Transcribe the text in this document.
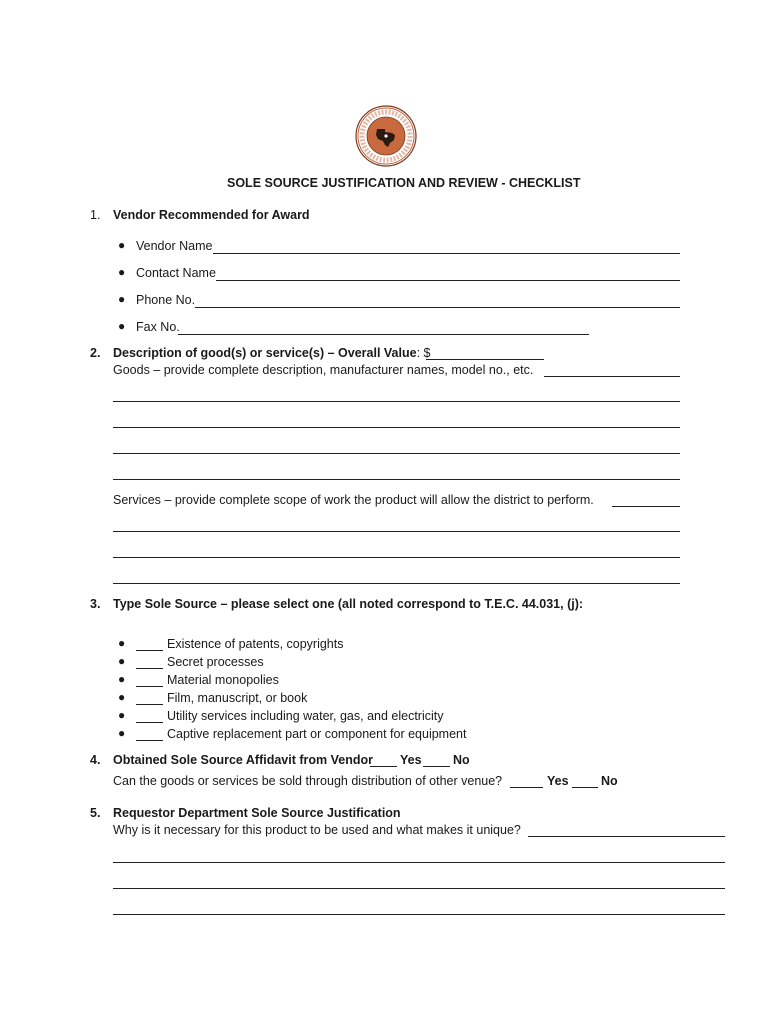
SOLE SOURCE JUSTIFICATION AND REVIEW - CHECKLIST
1. Vendor Recommended for Award
● Vendor Name
● Contact Name
● Phone No.
● Fax No.
2. Description of good(s) or service(s) – Overall Value: $
Goods – provide complete description, manufacturer names, model no., etc.
Services – provide complete scope of work the product will allow the district to perform.
3. Type Sole Source – please select one (all noted correspond to T.E.C. 44.031, (j):
●	Existence of patents, copyrights
●	Secret processes
●	Material monopolies
●	Film, manuscript, or book
●	Utility services including water, gas, and electricity
●	Captive replacement part or component for equipment
4. Obtained Sole Source Affidavit from Vendor Yes	No
Can the goods or services be sold through distribution of other venue?	Yes	No
5. Requestor Department Sole Source Justification
Why is it necessary for this product to be used and what makes it unique?
